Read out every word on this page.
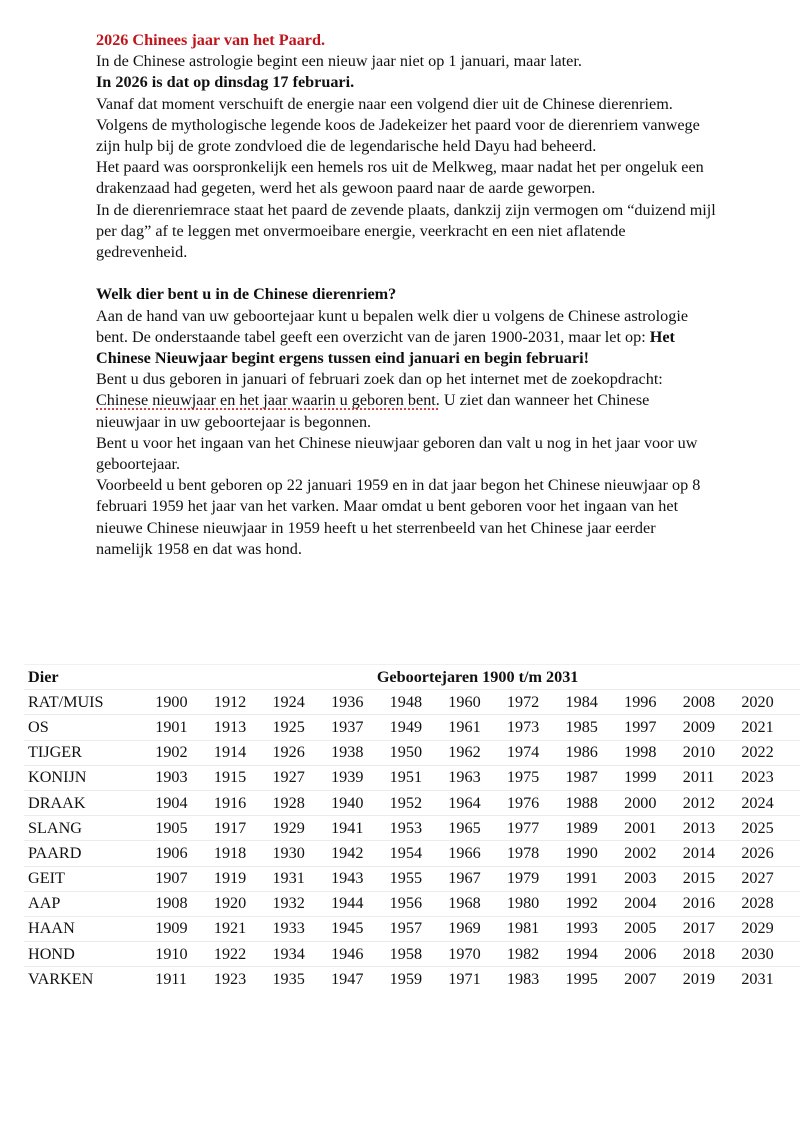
2026 Chinees jaar van het Paard.

In de Chinese astrologie begint een nieuw jaar niet op 1 januari, maar later.

In 2026 is dat op dinsdag 17 februari.

Vanaf dat moment verschuift de energie naar een volgend dier uit de Chinese dierenriem.

Volgens de mythologische legende koos de Jadekeizer het paard voor de dierenriem vanwege zijn hulp bij de grote zondvloed die de legendarische held Dayu had beheerd.

Het paard was oorspronkelijk een hemels ros uit de Melkweg, maar nadat het per ongeluk een drakenzaad had gegeten, werd het als gewoon paard naar de aarde geworpen.

In de dierenriemrace staat het paard de zevende plaats, dankzij zijn vermogen om “duizend mijl per dag” af te leggen met onvermoeibare energie, veerkracht en een niet aflatende gedrevenheid.

Welk dier bent u in de Chinese dierenriem?

Aan de hand van uw geboortejaar kunt u bepalen welk dier u volgens de Chinese astrologie bent. De onderstaande tabel geeft een overzicht van de jaren 1900-2031, maar let op: Het Chinese Nieuwjaar begint ergens tussen eind januari en begin februari!

Bent u dus geboren in januari of februari zoek dan op het internet met de zoekopdracht: Chinese nieuwjaar en het jaar waarin u geboren bent. U ziet dan wanneer het Chinese nieuwjaar in uw geboortejaar is begonnen.

Bent u voor het ingaan van het Chinese nieuwjaar geboren dan valt u nog in het jaar voor uw geboortejaar.

Voorbeeld u bent geboren op 22 januari 1959 en in dat jaar begon het Chinese nieuwjaar op 8 februari 1959 het jaar van het varken. Maar omdat u bent geboren voor het ingaan van het nieuwe Chinese nieuwjaar in 1959 heeft u het sterrenbeeld van het Chinese jaar eerder namelijk 1958 en dat was hond.

Dier	Geboortejaren 1900 t/m 2031										
RAT/MUIS	1900	1912	1924	1936	1948	1960	1972	1984	1996	2008	2020
OS	1901	1913	1925	1937	1949	1961	1973	1985	1997	2009	2021
TIJGER	1902	1914	1926	1938	1950	1962	1974	1986	1998	2010	2022
KONIJN	1903	1915	1927	1939	1951	1963	1975	1987	1999	2011	2023
DRAAK	1904	1916	1928	1940	1952	1964	1976	1988	2000	2012	2024
SLANG	1905	1917	1929	1941	1953	1965	1977	1989	2001	2013	2025
PAARD	1906	1918	1930	1942	1954	1966	1978	1990	2002	2014	2026
GEIT	1907	1919	1931	1943	1955	1967	1979	1991	2003	2015	2027
AAP	1908	1920	1932	1944	1956	1968	1980	1992	2004	2016	2028
HAAN	1909	1921	1933	1945	1957	1969	1981	1993	2005	2017	2029
HOND	1910	1922	1934	1946	1958	1970	1982	1994	2006	2018	2030
VARKEN	1911	1923	1935	1947	1959	1971	1983	1995	2007	2019	2031
